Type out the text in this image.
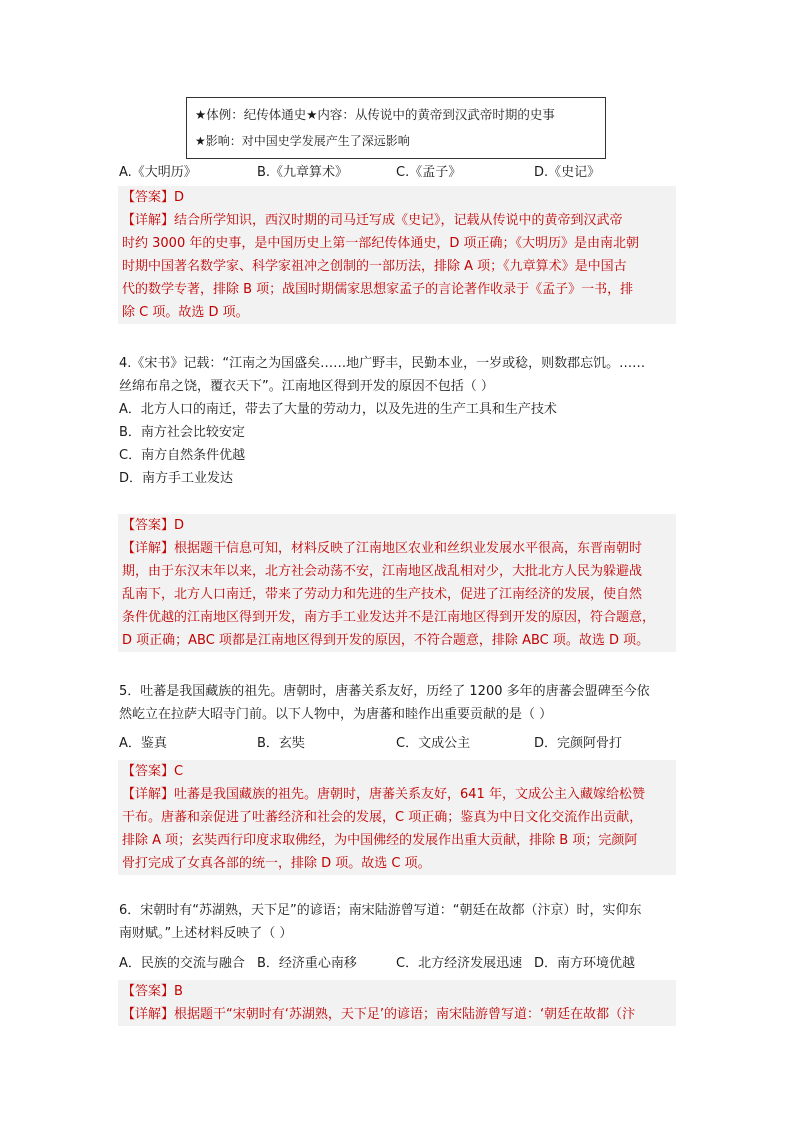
★体例：纪传体通史★内容：从传说中的黄帝到汉武帝时期的史事
★影响：对中国史学发展产生了深远影响
A.《大明历》	B.《九章算术》	C.《孟子》	D.《史记》
【答案】D
【详解】结合所学知识，西汉时期的司马迁写成《史记》，记载从传说中的黄帝到汉武帝
时约 3000 年的史事，是中国历史上第一部纪传体通史，D 项正确；《大明历》是由南北朝
时期中国著名数学家、科学家祖冲之创制的一部历法，排除 A 项；《九章算术》是中国古
代的数学专著，排除 B 项；战国时期儒家思想家孟子的言论著作收录于《孟子》一书，排
除 C 项。故选 D 项。
4.《宋书》记载：“江南之为国盛矣……地广野丰，民勤本业，一岁或稔，则数郡忘饥。……
丝绵布帛之饶，覆衣天下”。江南地区得到开发的原因不包括（ ）
A．北方人口的南迁，带去了大量的劳动力，以及先进的生产工具和生产技术
B．南方社会比较安定
C．南方自然条件优越
D．南方手工业发达
【答案】D
【详解】根据题干信息可知，材料反映了江南地区农业和丝织业发展水平很高，东晋南朝时
期，由于东汉末年以来，北方社会动荡不安，江南地区战乱相对少，大批北方人民为躲避战
乱南下，北方人口南迁，带来了劳动力和先进的生产技术，促进了江南经济的发展，使自然
条件优越的江南地区得到开发，南方手工业发达并不是江南地区得到开发的原因，符合题意，
D 项正确；ABC 项都是江南地区得到开发的原因，不符合题意，排除 ABC 项。故选 D 项。
5．吐蕃是我国藏族的祖先。唐朝时，唐蕃关系友好，历经了 1200 多年的唐蕃会盟碑至今依
然屹立在拉萨大昭寺门前。以下人物中，为唐蕃和睦作出重要贡献的是（ ）
A．鉴真	B．玄奘	C．文成公主	D．完颜阿骨打
【答案】C
【详解】吐蕃是我国藏族的祖先。唐朝时，唐蕃关系友好，641 年，文成公主入藏嫁给松赞
干布。唐蕃和亲促进了吐蕃经济和社会的发展，C 项正确；鉴真为中日文化交流作出贡献，
排除 A 项；玄奘西行印度求取佛经，为中国佛经的发展作出重大贡献，排除 B 项；完颜阿
骨打完成了女真各部的统一，排除 D 项。故选 C 项。
6．宋朝时有“苏湖熟，天下足”的谚语；南宋陆游曾写道：“朝廷在故都（汴京）时，实仰东
南财赋。”上述材料反映了（ ）
A．民族的交流与融合 B．经济重心南移	C．北方经济发展迅速 D．南方环境优越
【答案】B
【详解】根据题干“宋朝时有‘苏湖熟，天下足’的谚语；南宋陆游曾写道：‘朝廷在故都（汴
